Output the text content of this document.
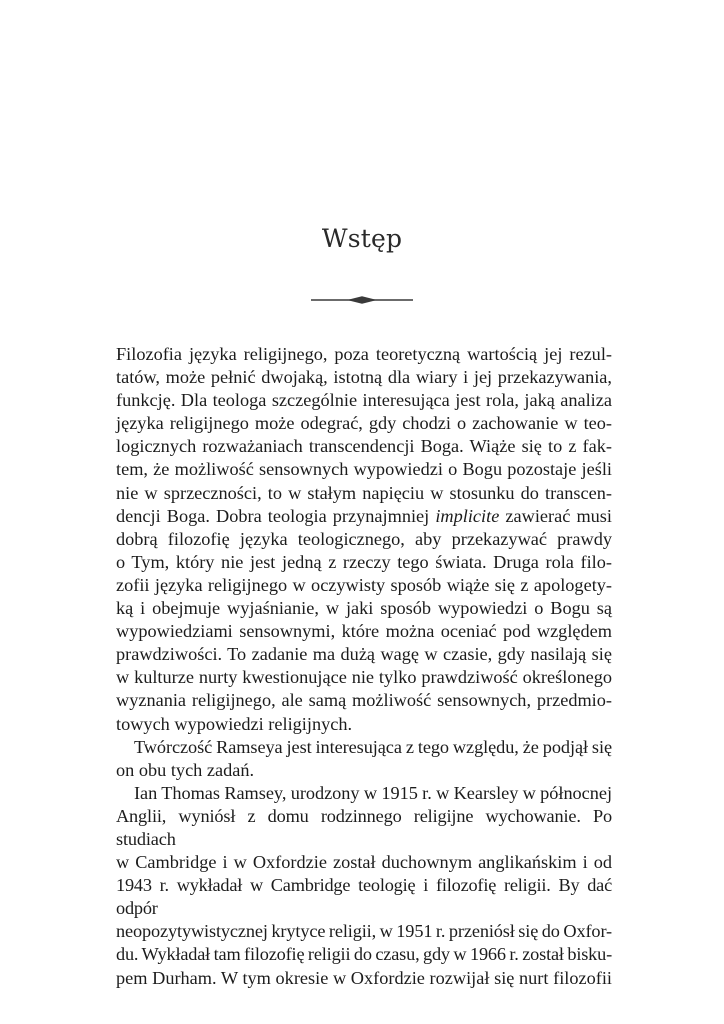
Wstęp

Filozofia języka religijnego, poza teoretyczną wartością jej rezul-
tatów, może pełnić dwojaką, istotną dla wiary i jej przekazywania,
funkcję. Dla teologa szczególnie interesująca jest rola, jaką analiza
języka religijnego może odegrać, gdy chodzi o zachowanie w teo-
logicznych rozważaniach transcendencji Boga. Wiąże się to z fak-
tem, że możliwość sensownych wypowiedzi o Bogu pozostaje jeśli
nie w sprzeczności, to w stałym napięciu w stosunku do transcen-
dencji Boga. Dobra teologia przynajmniej implicite zawierać musi
dobrą filozofię języka teologicznego, aby przekazywać prawdy
o Tym, który nie jest jedną z rzeczy tego świata. Druga rola filo-
zofii języka religijnego w oczywisty sposób wiąże się z apologety-
ką i obejmuje wyjaśnianie, w jaki sposób wypowiedzi o Bogu są
wypowiedziami sensownymi, które można oceniać pod względem
prawdziwości. To zadanie ma dużą wagę w czasie, gdy nasilają się
w kulturze nurty kwestionujące nie tylko prawdziwość określonego
wyznania religijnego, ale samą możliwość sensownych, przedmio-
towych wypowiedzi religijnych.

Twórczość Ramseya jest interesująca z tego względu, że podjął się
on obu tych zadań.

Ian Thomas Ramsey, urodzony w 1915 r. w Kearsley w północnej
Anglii, wyniósł z domu rodzinnego religijne wychowanie. Po studiach
w Cambridge i w Oxfordzie został duchownym anglikańskim i od
1943 r. wykładał w Cambridge teologię i filozofię religii. By dać odpór
neopozytywistycznej krytyce religii, w 1951 r. przeniósł się do Oxfor-
du. Wykładał tam filozofię religii do czasu, gdy w 1966 r. został bisku-
pem Durham. W tym okresie w Oxfordzie rozwijał się nurt filozofii
